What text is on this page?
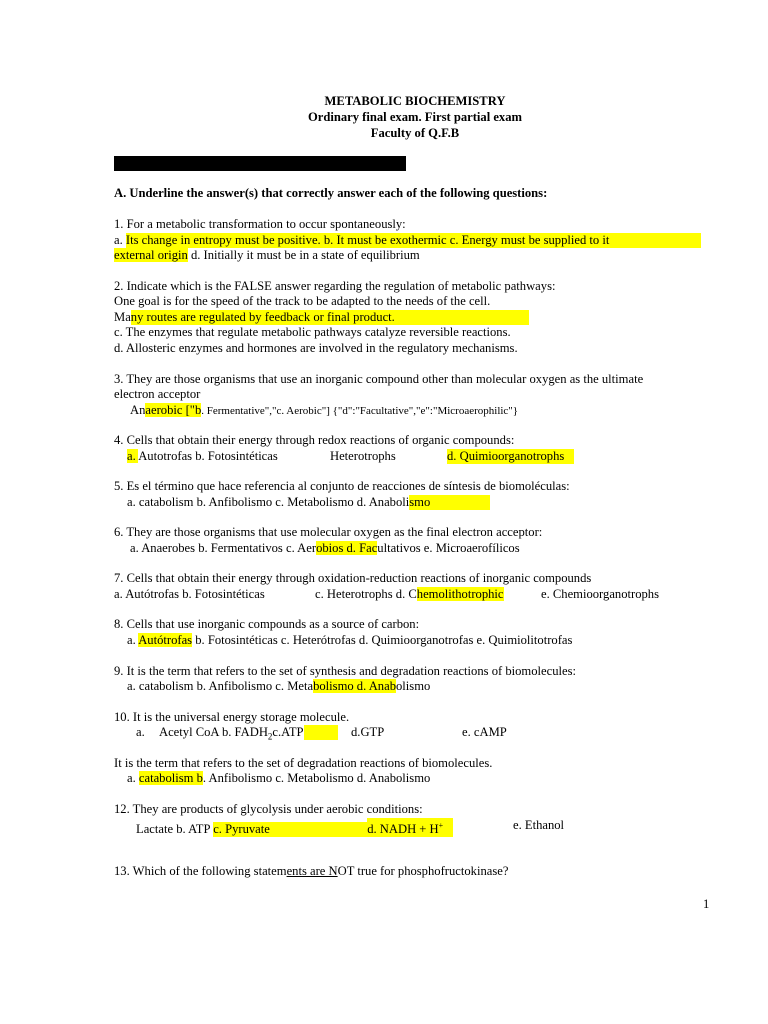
METABOLIC BIOCHEMISTRY
Ordinary final exam. First partial exam
Faculty of Q.F.B
A. Underline the answer(s) that correctly answer each of the following questions:
1. For a metabolic transformation to occur spontaneously:
a. Its change in entropy must be positive. b. It must be exothermic c. Energy must be supplied to it
external origin d. Initially it must be in a state of equilibrium
2. Indicate which is the FALSE answer regarding the regulation of metabolic pathways:
One goal is for the speed of the track to be adapted to the needs of the cell.
Many routes are regulated by feedback or final product.
c. The enzymes that regulate metabolic pathways catalyze reversible reactions.
d. Allosteric enzymes and hormones are involved in the regulatory mechanisms.
3. They are those organisms that use an inorganic compound other than molecular oxygen as the ultimate
electron acceptor
Anaerobic ["b. Fermentative","c. Aerobic"] {"d":"Facultative","e":"Microaerophilic"}
4. Cells that obtain their energy through redox reactions of organic compounds:
a. Autotrofas b. Fotosintéticas	Heterotrophs	d. Quimioorganotrophs
5. Es el término que hace referencia al conjunto de reacciones de síntesis de biomoléculas:
a. catabolism b. Anfibolismo c. Metabolismo d. Anabolismo
6. They are those organisms that use molecular oxygen as the final electron acceptor:
a. Anaerobes b. Fermentativos c. Aerobios d. Facultativos e. Microaerofílicos
7. Cells that obtain their energy through oxidation-reduction reactions of inorganic compounds
a. Autótrofas b. Fotosintéticas	c. Heterotrophs d. Chemolithotrophic	e. Chemioorganotrophs
8. Cells that use inorganic compounds as a source of carbon:
a. Autótrofas b. Fotosintéticas c. Heterótrofas d. Quimioorganotrofas e. Quimiolitotrofas
9. It is the term that refers to the set of synthesis and degradation reactions of biomolecules:
a. catabolism b. Anfibolismo c. Metabolismo d. Anabolismo
10. It is the universal energy storage molecule.
a. Acetyl CoA b. $FADH_2c.ATP$	d.GTP	e. cAMP
It is the term that refers to the set of degradation reactions of biomolecules.
a. catabolism b. Anfibolismo c. Metabolismo d. Anabolismo
12. They are products of glycolysis under aerobic conditions:
Lactate b. ATP c. Pyruvate	d. NADH + H+	e. Ethanol
13. Which of the following statements are NOT true for phosphofructokinase?
1
